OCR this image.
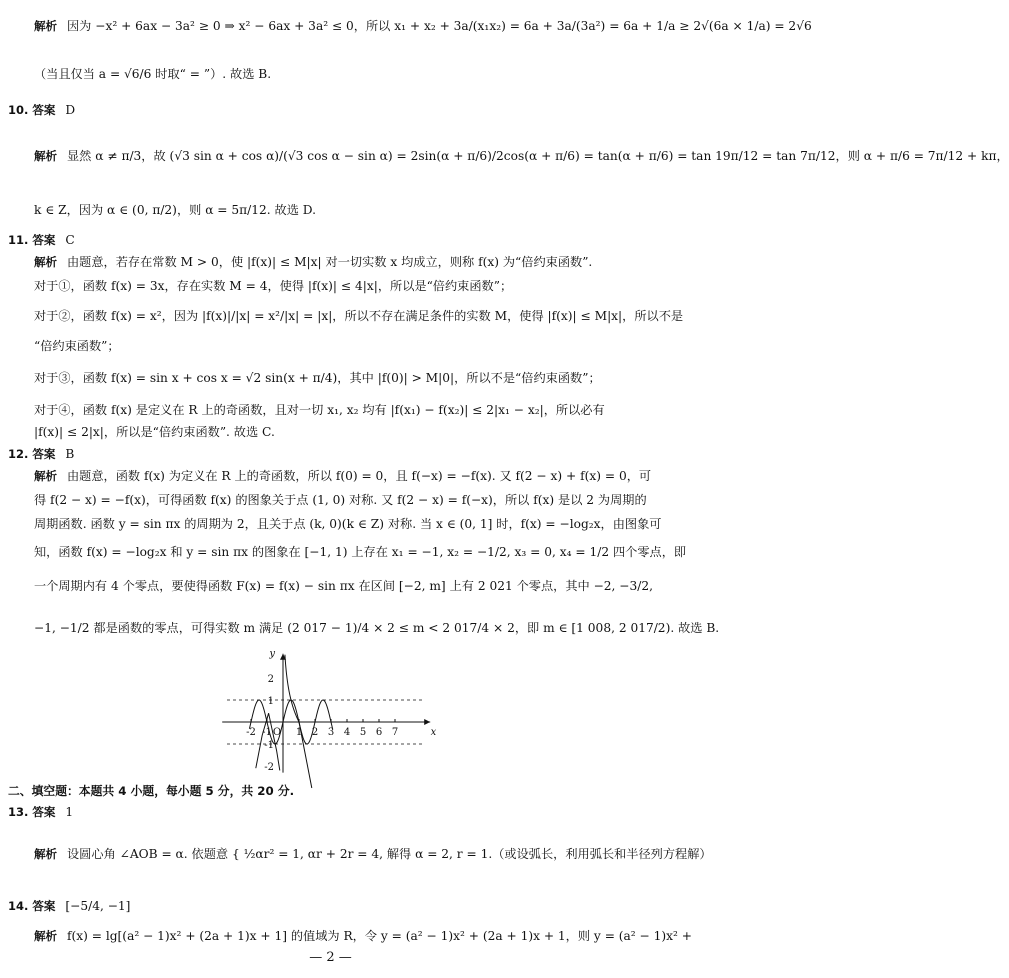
解析 因为 −x² + 6ax − 3a² ≥ 0 ⇒ x² − 6ax + 3a² ≤ 0，所以 x₁ + x₂ + 3a/(x₁x₂) = 6a + 3a/(3a²) = 6a + 1/a ≥ 2√(6a × 1/a) = 2√6
（当且仅当 a = √6/6 时取“ = ”）. 故选 B.
10. 答案 D
解析 显然 α ≠ π/3，故 (√3 sin α + cos α)/(√3 cos α − sin α) = 2sin(α + π/6)/2cos(α + π/6) = tan(α + π/6) = tan 19π/12 = tan 7π/12，则 α + π/6 = 7π/12 + kπ，
k ∈ Z，因为 α ∈ (0, π/2)，则 α = 5π/12. 故选 D.
11. 答案 C
解析 由题意，若存在常数 M > 0，使 |f(x)| ≤ M|x| 对一切实数 x 均成立，则称 f(x) 为“倍约束函数”.
对于①，函数 f(x) = 3x，存在实数 M = 4，使得 |f(x)| ≤ 4|x|，所以是“倍约束函数”；
对于②，函数 f(x) = x²，因为 |f(x)|/|x| = x²/|x| = |x|，所以不存在满足条件的实数 M，使得 |f(x)| ≤ M|x|，所以不是
“倍约束函数”；
对于③，函数 f(x) = sin x + cos x = √2 sin(x + π/4)，其中 |f(0)| > M|0|，所以不是“倍约束函数”；
对于④，函数 f(x) 是定义在 R 上的奇函数，且对一切 x₁, x₂ 均有 |f(x₁) − f(x₂)| ≤ 2|x₁ − x₂|，所以必有
|f(x)| ≤ 2|x|，所以是“倍约束函数”. 故选 C.
12. 答案 B
解析 由题意，函数 f(x) 为定义在 R 上的奇函数，所以 f(0) = 0，且 f(−x) = −f(x). 又 f(2 − x) + f(x) = 0，可
得 f(2 − x) = −f(x)，可得函数 f(x) 的图象关于点 (1, 0) 对称. 又 f(2 − x) = f(−x)，所以 f(x) 是以 2 为周期的
周期函数. 函数 y = sin πx 的周期为 2，且关于点 (k, 0)(k ∈ Z) 对称. 当 x ∈ (0, 1] 时，f(x) = −log₂x，由图象可
知，函数 f(x) = −log₂x 和 y = sin πx 的图象在 [−1, 1) 上存在 x₁ = −1, x₂ = −1/2, x₃ = 0, x₄ = 1/2 四个零点，即
一个周期内有 4 个零点，要使得函数 F(x) = f(x) − sin πx 在区间 [−2, m] 上有 2 021 个零点，其中 −2, −3/2,
−1, −1/2 都是函数的零点，可得实数 m 满足 (2 017 − 1)/4 × 2 ≤ m < 2 017/4 × 2，即 m ∈ [1 008, 2 017/2). 故选 B.
二、填空题：本题共 4 小题，每小题 5 分，共 20 分.
13. 答案 1
解析 设圆心角 ∠AOB = α. 依题意 { ½αr² = 1, αr + 2r = 4, 解得 α = 2, r = 1.（或设弧长，利用弧长和半径列方程解）
14. 答案 [−5/4, −1]
解析 f(x) = lg[(a² − 1)x² + (2a + 1)x + 1] 的值域为 R，令 y = (a² − 1)x² + (2a + 1)x + 1，则 y = (a² − 1)x² +
-2 -1 O 1 2 3 4 5 6 7	x
y
2
1
-1
-2
— 2 —
